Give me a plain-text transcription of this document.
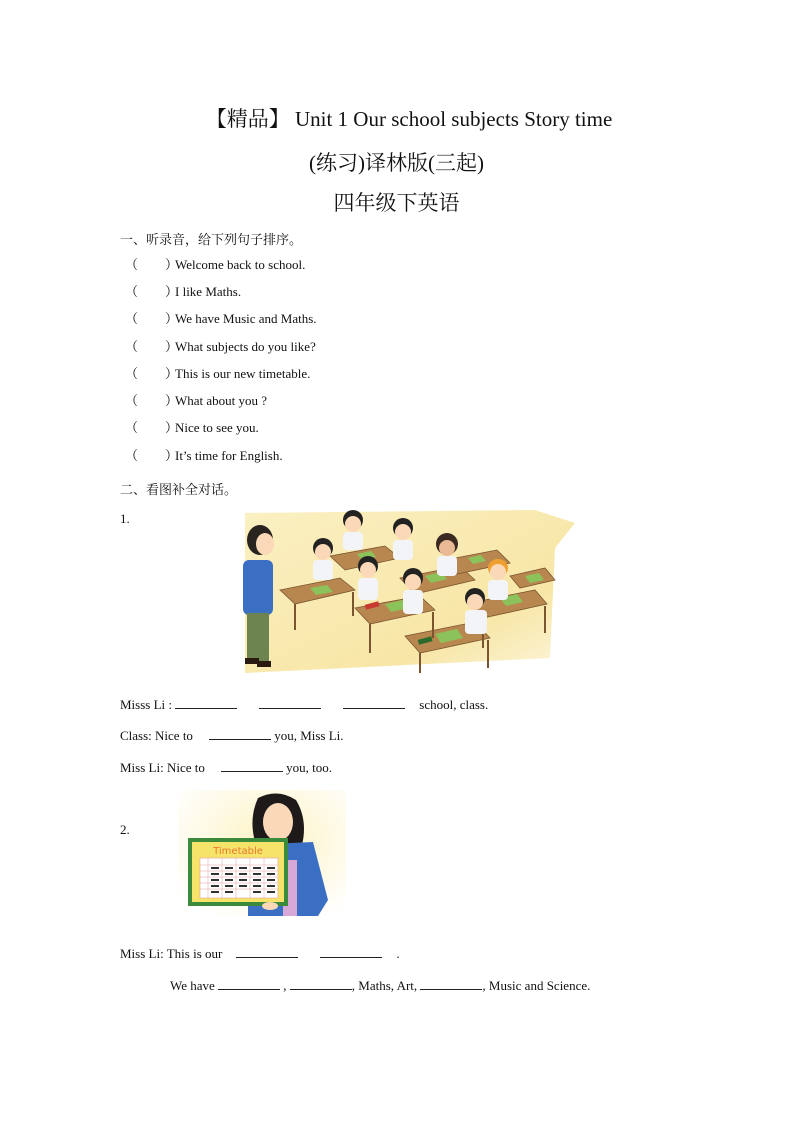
【精品】 Unit 1 Our school subjects Story time
(练习)译林版(三起)
四年级下英语
一、听录音，给下列句子排序。
（ ）Welcome back to school.
（ ）I like Maths.
（ ）We have Music and Maths.
（ ）What subjects do you like?
（ ）This is our new timetable.
（ ）What about you ?
（ ）Nice to see you.
（ ）It’s time for English.
二、看图补全对话。
1.
Misss Li :	school, class.
Class: Nice to	you, Miss Li.
Miss Li: Nice to	you, too.
2.
Timetable
Miss Li: This is our	.
We have	,	, Maths, Art,	, Music and Science.
